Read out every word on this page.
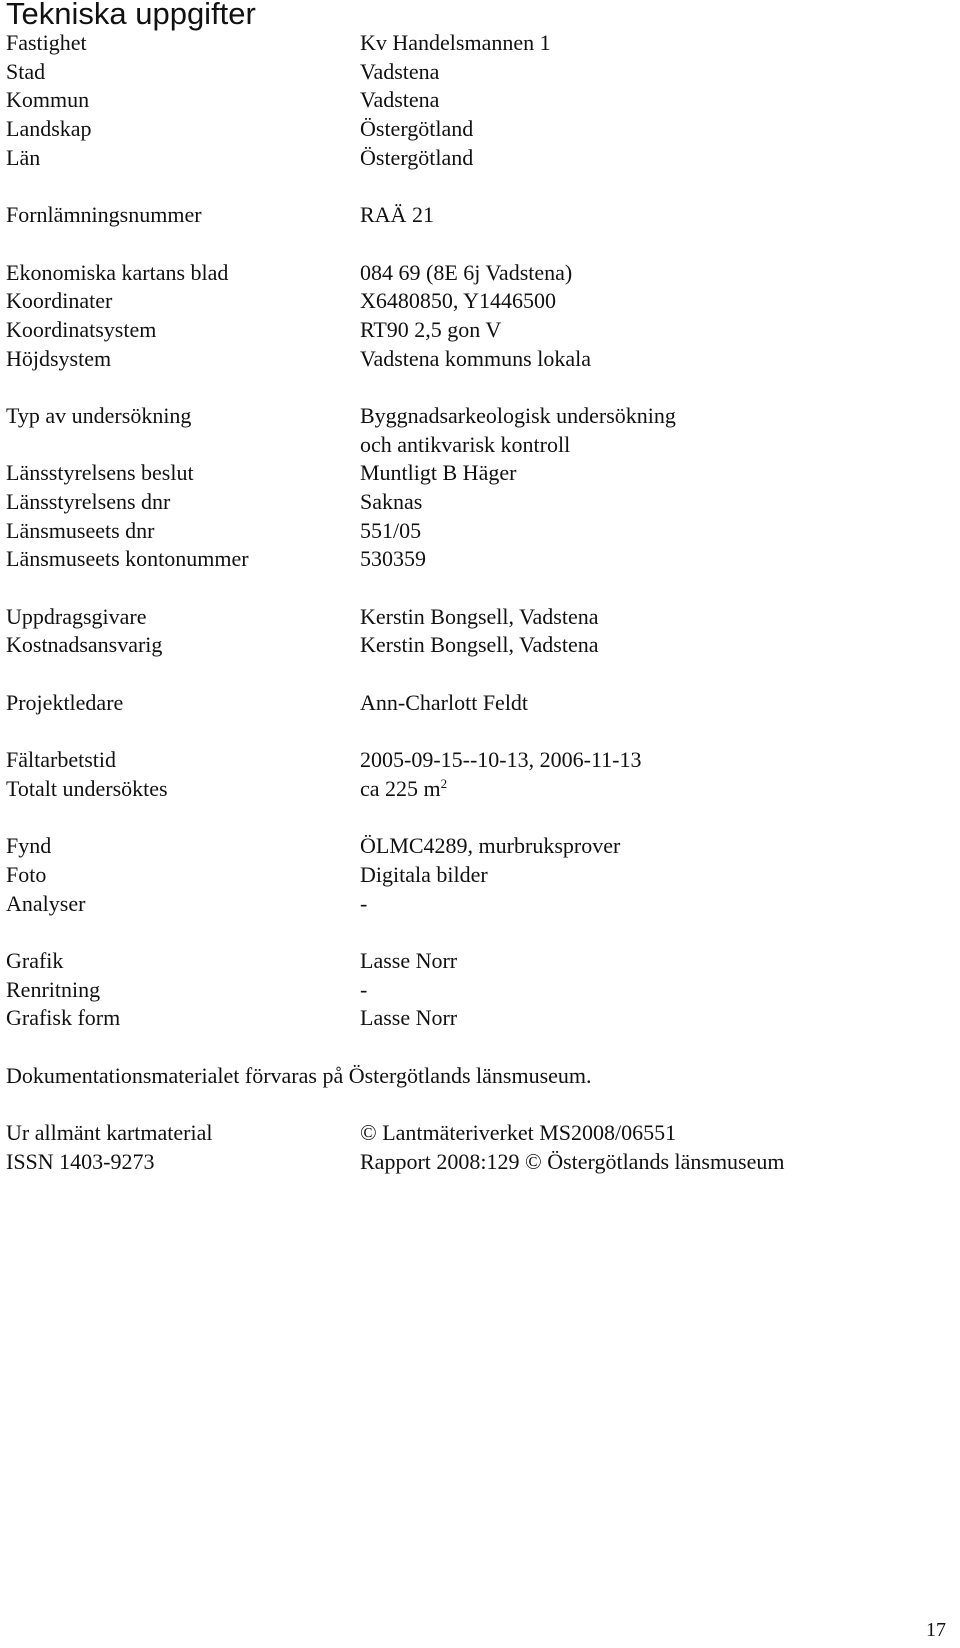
Tekniska uppgifter
Fastighet	Kv Handelsmannen 1
Stad	Vadstena
Kommun	Vadstena
Landskap	Östergötland
Län	Östergötland
Fornlämningsnummer	RAÄ 21
Ekonomiska kartans blad	084 69 (8E 6j Vadstena)
Koordinater	X6480850, Y1446500
Koordinatsystem	RT90 2,5 gon V
Höjdsystem	Vadstena kommuns lokala
Typ av undersökning	Byggnadsarkeologisk undersökning
och antikvarisk kontroll
Länsstyrelsens beslut	Muntligt B Häger
Länsstyrelsens dnr	Saknas
Länsmuseets dnr	551/05
Länsmuseets kontonummer	530359
Uppdragsgivare	Kerstin Bongsell, Vadstena
Kostnadsansvarig	Kerstin Bongsell, Vadstena
Projektledare	Ann-Charlott Feldt
Fältarbetstid	2005-09-15--10-13, 2006-11-13
Totalt undersöktes	ca 225 $m^2$
Fynd	ÖLMC4289, murbruksprover
Foto	Digitala bilder
Analyser	-
Grafik	Lasse Norr
Renritning	-
Grafisk form	Lasse Norr
Dokumentationsmaterialet förvaras på Östergötlands länsmuseum.
Ur allmänt kartmaterial	© Lantmäteriverket MS2008/06551
ISSN 1403-9273	Rapport 2008:129 © Östergötlands länsmuseum
17
